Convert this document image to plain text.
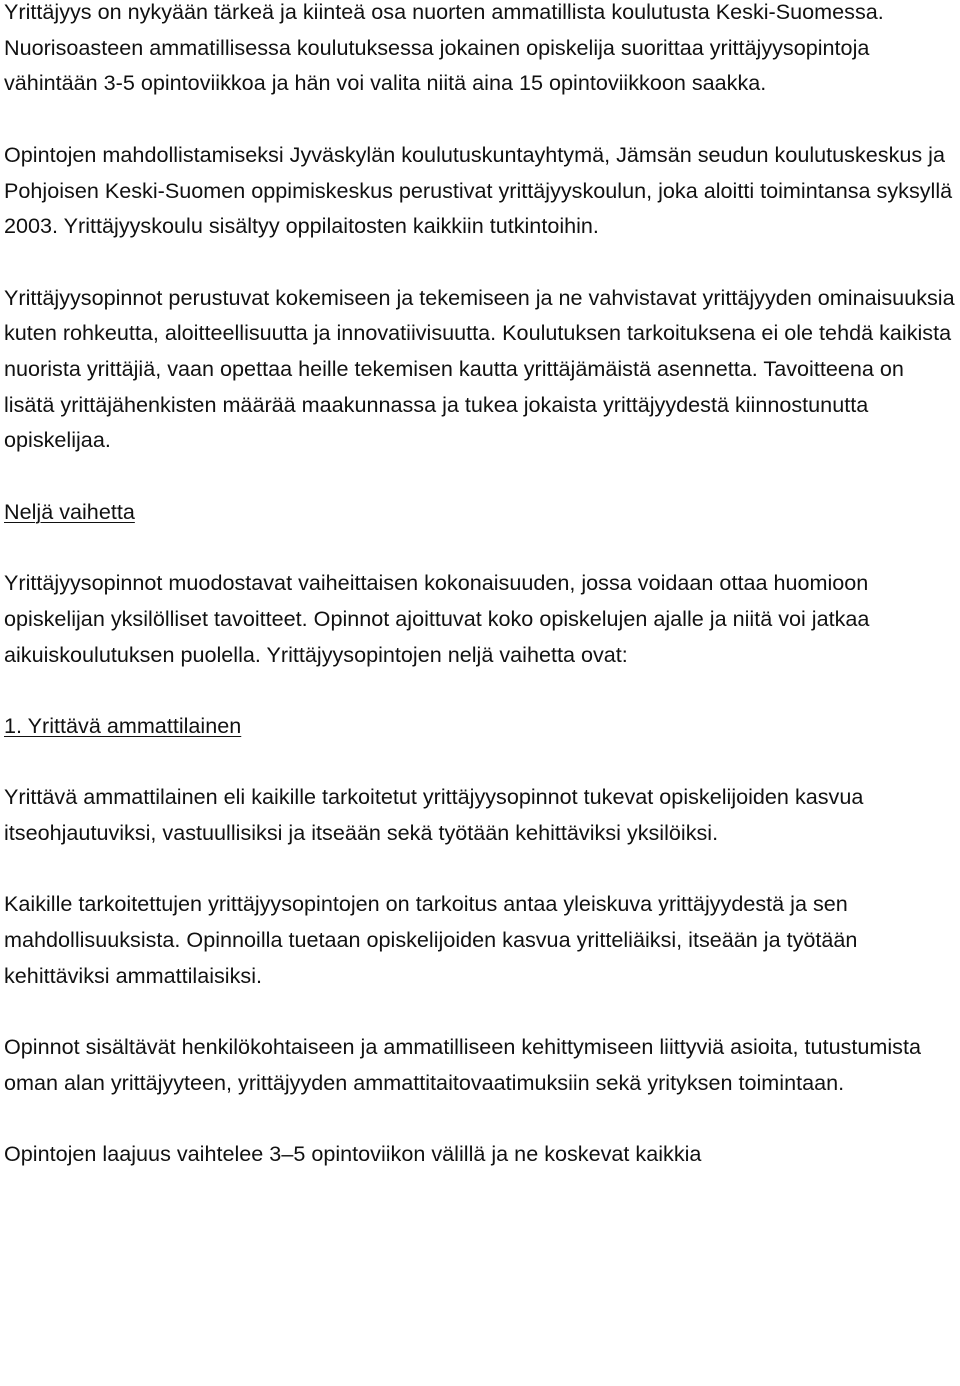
Yrittäjyys on nykyään tärkeä ja kiinteä osa nuorten ammatillista koulutusta Keski-Suomessa. Nuorisoasteen ammatillisessa koulutuksessa jokainen opiskelija suorittaa yrittäjyysopintoja vähintään 3-5 opintoviikkoa ja hän voi valita niitä aina 15 opintoviikkoon saakka.

Opintojen mahdollistamiseksi Jyväskylän koulutuskuntayhtymä, Jämsän seudun koulutuskeskus ja Pohjoisen Keski-Suomen oppimiskeskus perustivat yrittäjyyskoulun, joka aloitti toimintansa syksyllä 2003. Yrittäjyyskoulu sisältyy oppilaitosten kaikkiin tutkintoihin.

Yrittäjyysopinnot perustuvat kokemiseen ja tekemiseen ja ne vahvistavat yrittäjyyden ominaisuuksia kuten rohkeutta, aloitteellisuutta ja innovatiivisuutta. Koulutuksen tarkoituksena ei ole tehdä kaikista nuorista yrittäjiä, vaan opettaa heille tekemisen kautta yrittäjämäistä asennetta. Tavoitteena on lisätä yrittäjähenkisten määrää maakunnassa ja tukea jokaista yrittäjyydestä kiinnostunutta opiskelijaa.

Neljä vaihetta

Yrittäjyysopinnot muodostavat vaiheittaisen kokonaisuuden, jossa voidaan ottaa huomioon opiskelijan yksilölliset tavoitteet. Opinnot ajoittuvat koko opiskelujen ajalle ja niitä voi jatkaa aikuiskoulutuksen puolella. Yrittäjyysopintojen neljä vaihetta ovat:

1. Yrittävä ammattilainen

Yrittävä ammattilainen eli kaikille tarkoitetut yrittäjyysopinnot tukevat opiskelijoiden kasvua itseohjautuviksi, vastuullisiksi ja itseään sekä työtään kehittäviksi yksilöiksi.

Kaikille tarkoitettujen yrittäjyysopintojen on tarkoitus antaa yleiskuva yrittäjyydestä ja sen mahdollisuuksista. Opinnoilla tuetaan opiskelijoiden kasvua yritteliäiksi, itseään ja työtään kehittäviksi ammattilaisiksi.

Opinnot sisältävät henkilökohtaiseen ja ammatilliseen kehittymiseen liittyviä asioita, tutustumista oman alan yrittäjyyteen, yrittäjyyden ammattitaitovaatimuksiin sekä yrityksen toimintaan.

Opintojen laajuus vaihtelee 3–5 opintoviikon välillä ja ne koskevat kaikkia
